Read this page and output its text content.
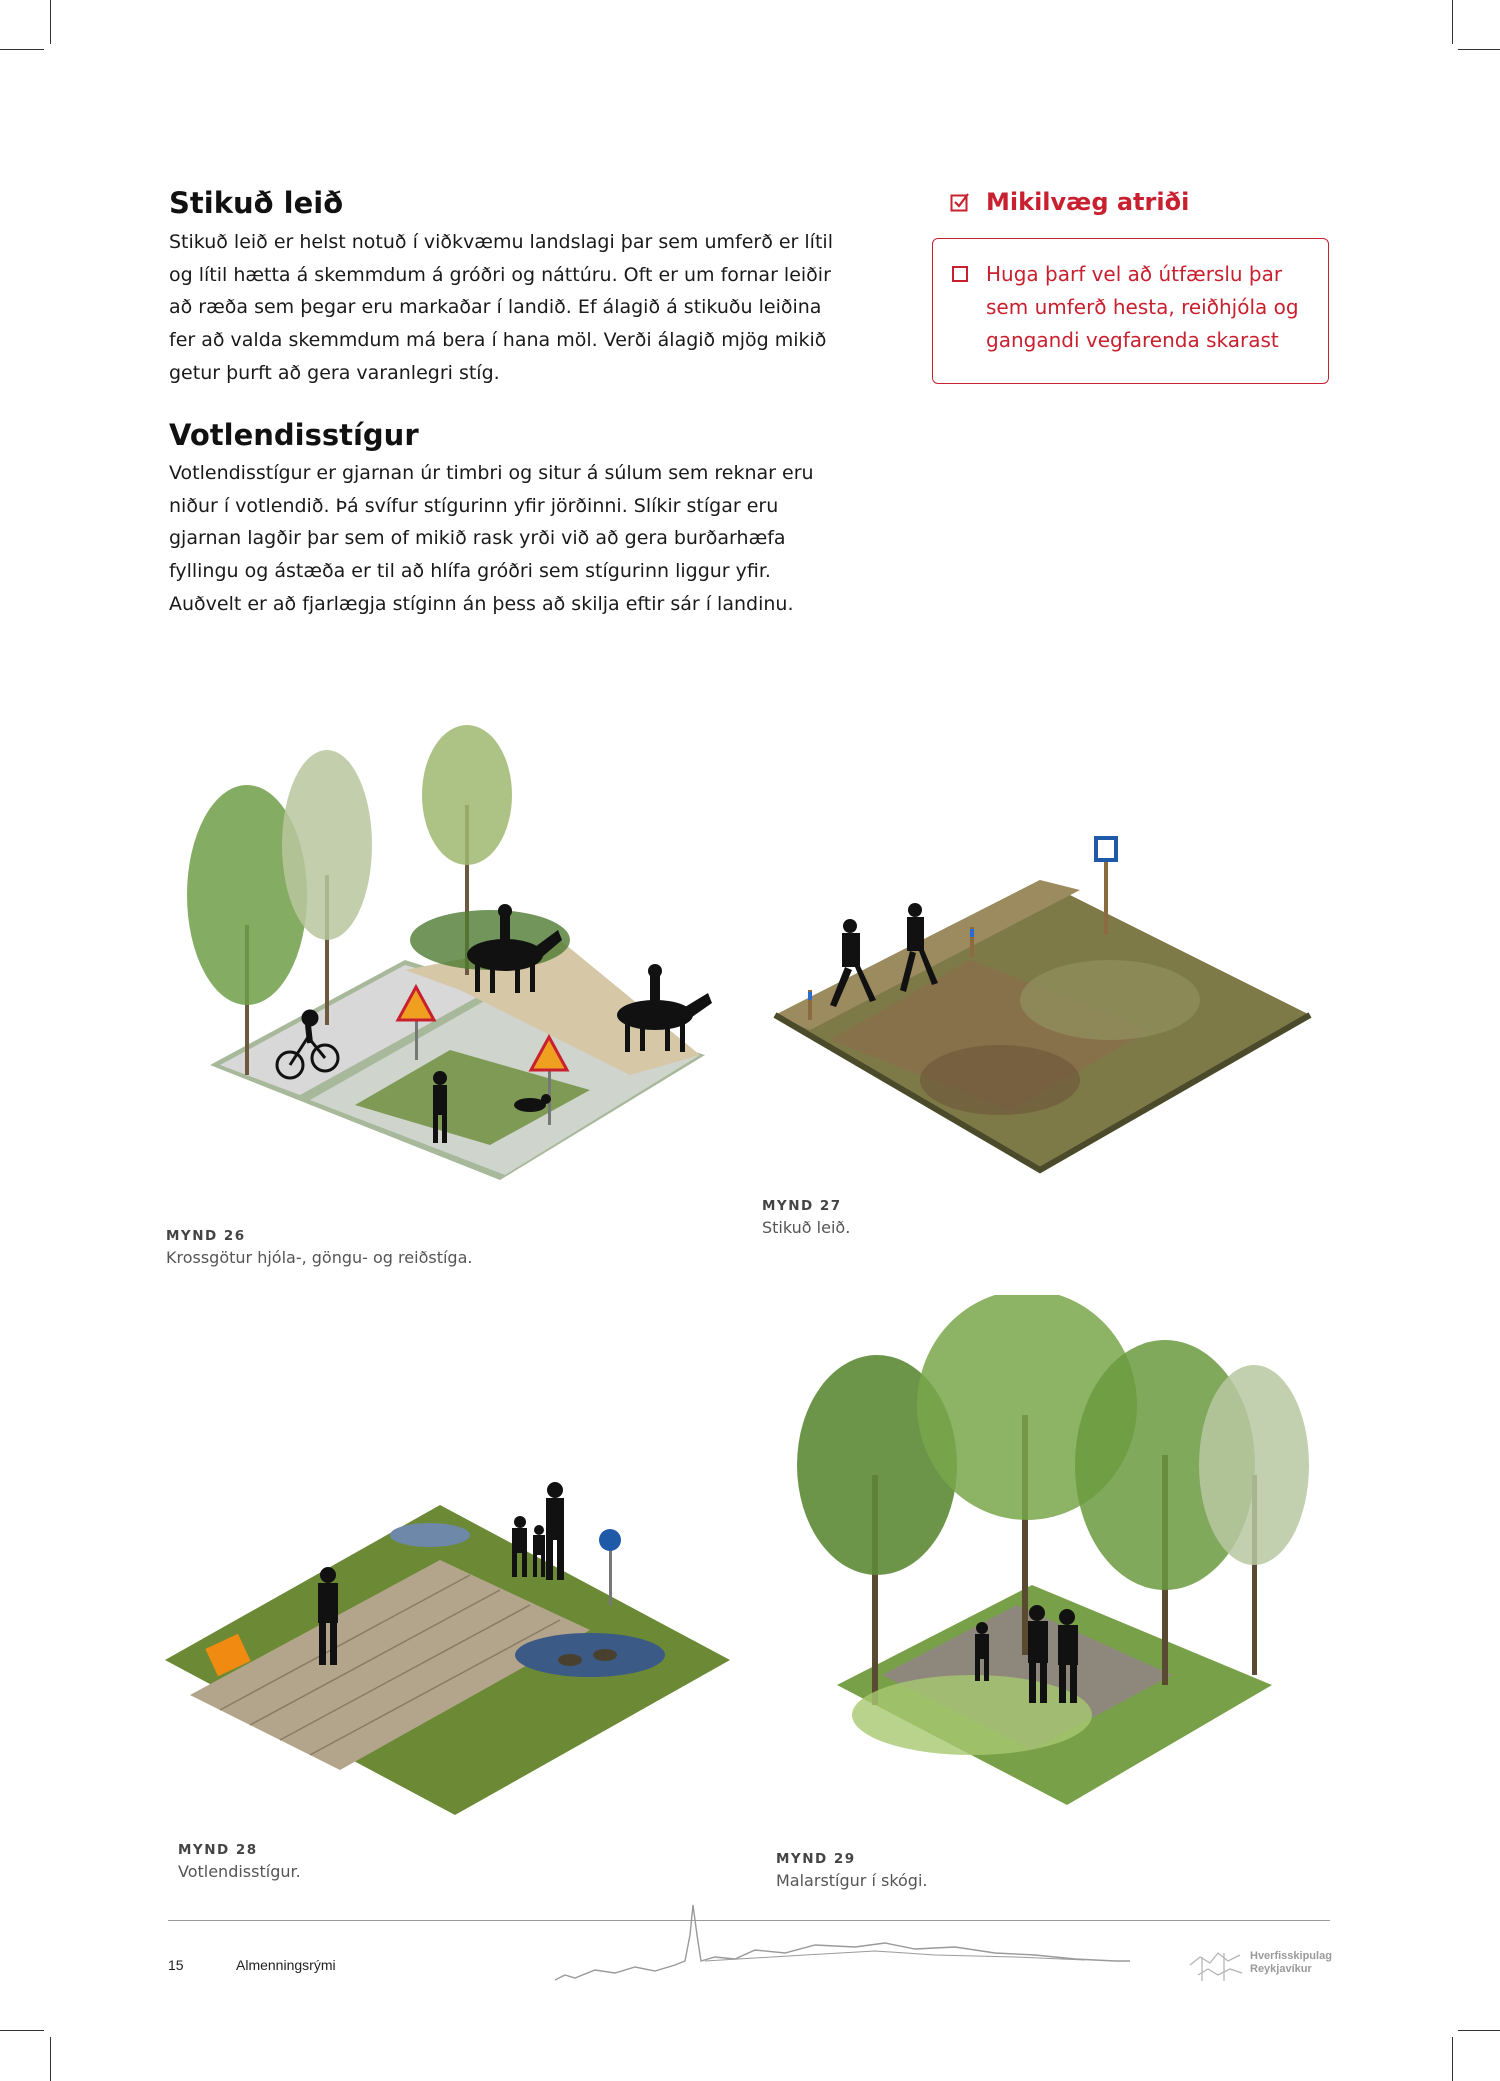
Stikuð leið

Stikuð leið er helst notuð í viðkvæmu landslagi þar sem umferð er lítil
og lítil hætta á skemmdum á gróðri og náttúru. Oft er um fornar leiðir
að ræða sem þegar eru markaðar í landið. Ef álagið á stikuðu leiðina
fer að valda skemmdum má bera í hana möl. Verði álagið mjög mikið
getur þurft að gera varanlegri stíg.

Votlendisstígur

Votlendisstígur er gjarnan úr timbri og situr á súlum sem reknar eru
niður í votlendið. Þá svífur stígurinn yfir jörðinni. Slíkir stígar eru
gjarnan lagðir þar sem of mikið rask yrði við að gera burðarhæfa
fyllingu og ástæða er til að hlífa gróðri sem stígurinn liggur yfir.
Auðvelt er að fjarlægja stíginn án þess að skilja eftir sár í landinu.

Mikilvæg atriði
Huga þarf vel að útfærslu þar
sem umferð hesta, reiðhjóla og
gangandi vegfarenda skarast
MYND 26
Krossgötur hjóla-, göngu- og reiðstíga.
MYND 27
Stikuð leið.
MYND 28
Votlendisstígur.
MYND 29
Malarstígur í skógi.
15	Almenningsrými
Hverfisskipulag
Reykjavíkur
